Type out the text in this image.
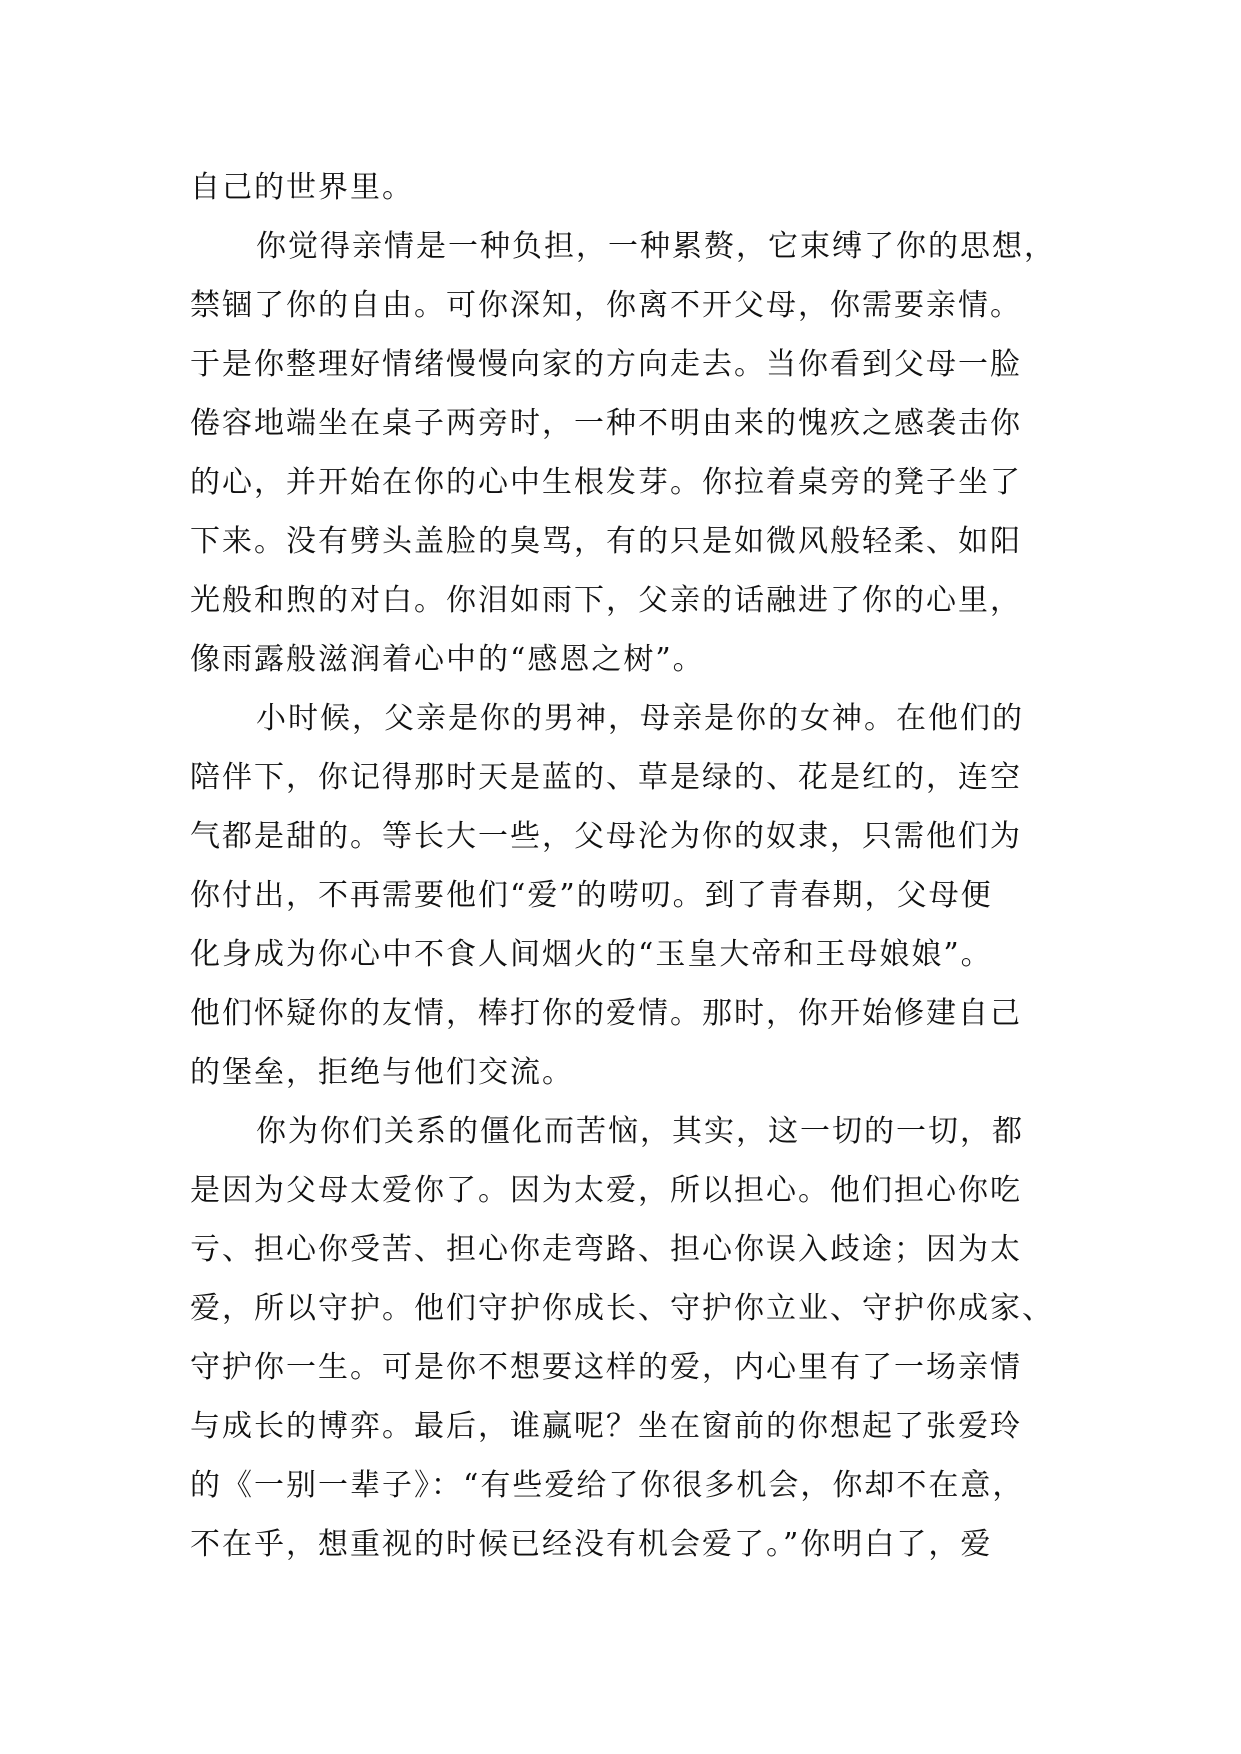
自己的世界里。
你觉得亲情是一种负担，一种累赘，它束缚了你的思想，
禁锢了你的自由。可你深知，你离不开父母，你需要亲情。
于是你整理好情绪慢慢向家的方向走去。当你看到父母一脸
倦容地端坐在桌子两旁时，一种不明由来的愧疚之感袭击你
的心，并开始在你的心中生根发芽。你拉着桌旁的凳子坐了
下来。没有劈头盖脸的臭骂，有的只是如微风般轻柔、如阳
光般和煦的对白。你泪如雨下，父亲的话融进了你的心里，
像雨露般滋润着心中的“感恩之树”。
小时候，父亲是你的男神，母亲是你的女神。在他们的
陪伴下，你记得那时天是蓝的、草是绿的、花是红的，连空
气都是甜的。等长大一些，父母沦为你的奴隶，只需他们为
你付出，不再需要他们“爱”的唠叨。到了青春期，父母便
化身成为你心中不食人间烟火的“玉皇大帝和王母娘娘”。
他们怀疑你的友情，棒打你的爱情。那时，你开始修建自己
的堡垒，拒绝与他们交流。
你为你们关系的僵化而苦恼，其实，这一切的一切，都
是因为父母太爱你了。因为太爱，所以担心。他们担心你吃
亏、担心你受苦、担心你走弯路、担心你误入歧途；因为太
爱，所以守护。他们守护你成长、守护你立业、守护你成家、
守护你一生。可是你不想要这样的爱，内心里有了一场亲情
与成长的博弈。最后，谁赢呢？坐在窗前的你想起了张爱玲
的《一别一辈子》：“有些爱给了你很多机会，你却不在意，
不在乎，想重视的时候已经没有机会爱了。”你明白了，爱
